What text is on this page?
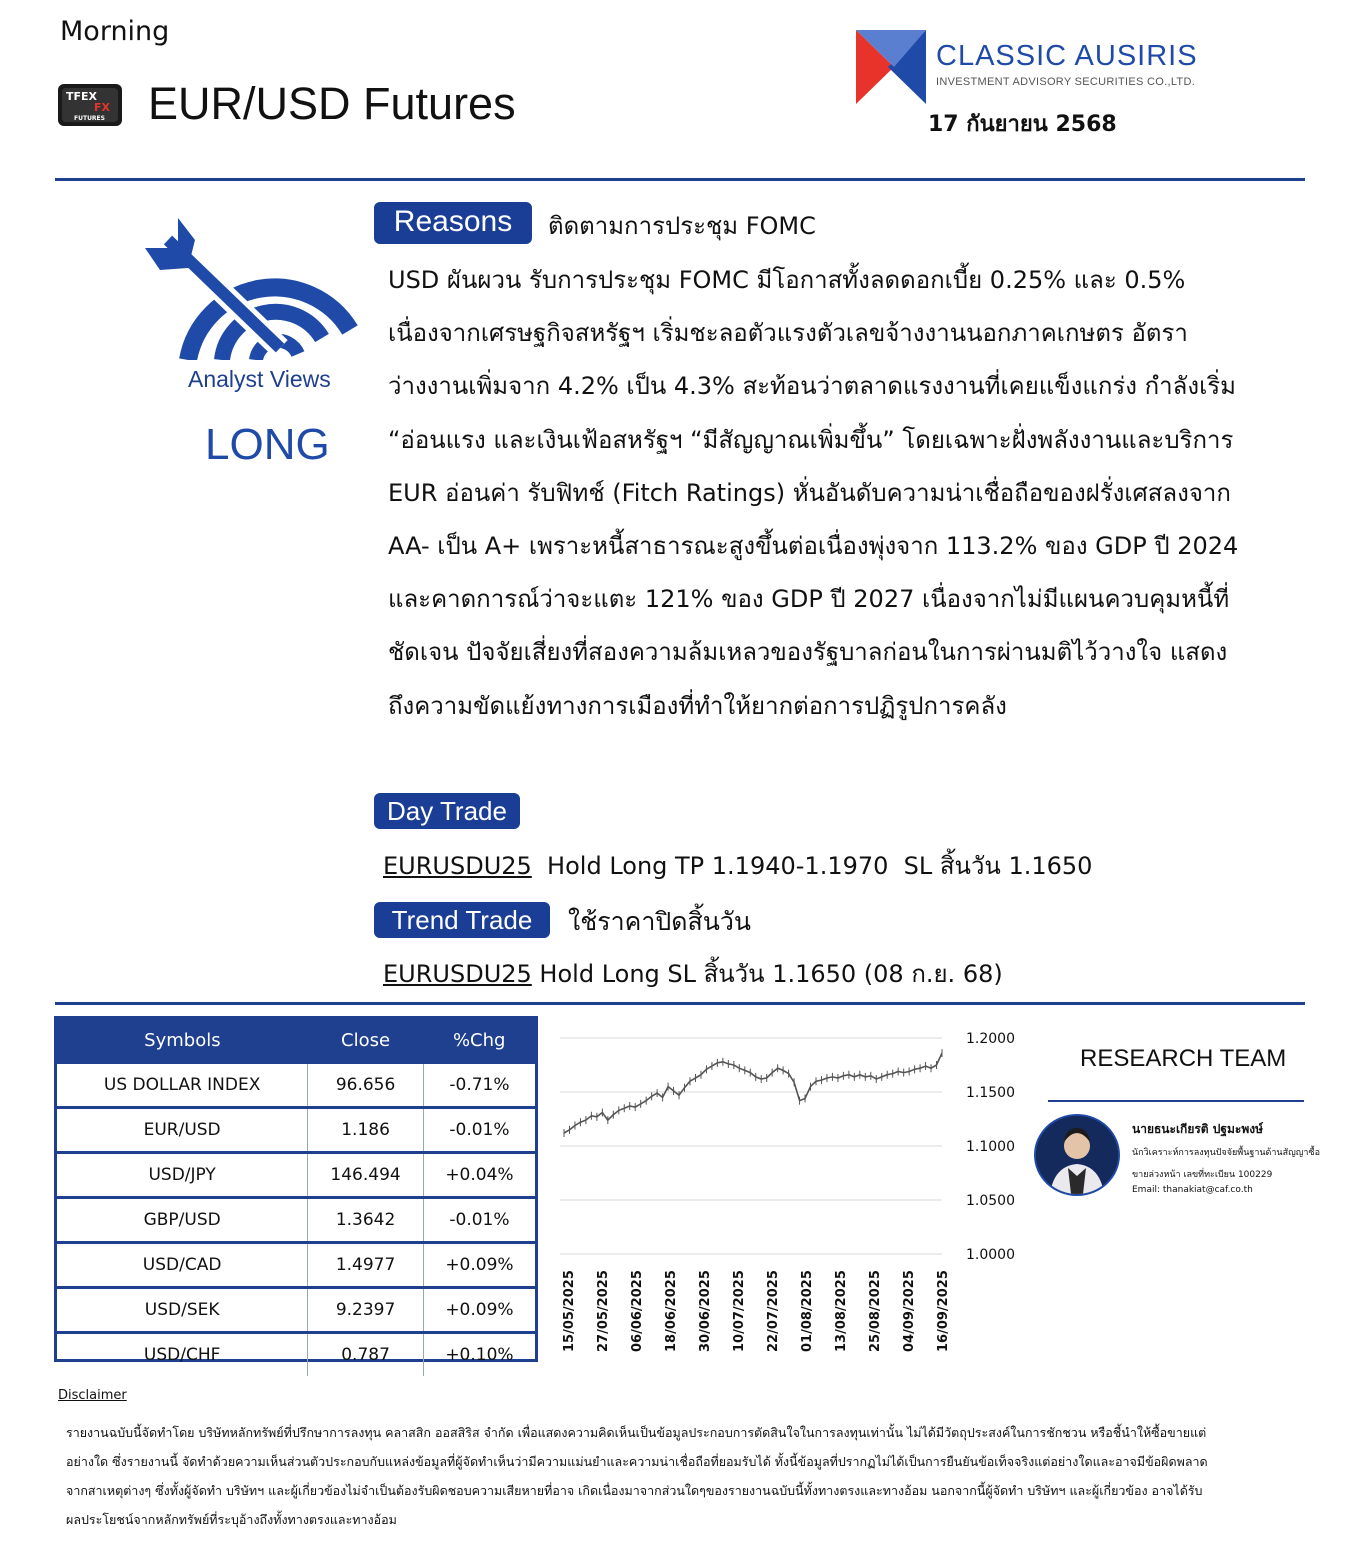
Morning
TFEX
FX
FUTURES EUR/USD Futures
CLASSIC AUSIRIS
INVESTMENT ADVISORY SECURITIES CO.,LTD.
17 กันยายน 2568
Analyst Views
LONG
Reasons	ติดตามการประชุม FOMC
USD ผันผวน รับการประชุม FOMC มีโอกาสทั้งลดดอกเบี้ย 0.25% และ 0.5%
เนื่องจากเศรษฐกิจสหรัฐฯ เริ่มชะลอตัวแรงตัวเลขจ้างงานนอกภาคเกษตร อัตรา
ว่างงานเพิ่มจาก 4.2% เป็น 4.3% สะท้อนว่าตลาดแรงงานที่เคยแข็งแกร่ง กำลังเริ่ม
“อ่อนแรง และเงินเฟ้อสหรัฐฯ “มีสัญญาณเพิ่มขึ้น” โดยเฉพาะฝั่งพลังงานและบริการ
EUR อ่อนค่า รับฟิทช์ (Fitch Ratings) หั่นอันดับความน่าเชื่อถือของฝรั่งเศสลงจาก
AA- เป็น A+ เพราะหนี้สาธารณะสูงขึ้นต่อเนื่องพุ่งจาก 113.2% ของ GDP ปี 2024
และคาดการณ์ว่าจะแตะ 121% ของ GDP ปี 2027 เนื่องจากไม่มีแผนควบคุมหนี้ที่
ชัดเจน ปัจจัยเสี่ยงที่สองความล้มเหลวของรัฐบาลก่อนในการผ่านมติไว้วางใจ แสดง
ถึงความขัดแย้งทางการเมืองที่ทำให้ยากต่อการปฏิรูปการคลัง
Day Trade
EURUSDU25  Hold Long TP 1.1940-1.1970  SL สิ้นวัน 1.1650
Trend Trade	ใช้ราคาปิดสิ้นวัน
EURUSDU25 Hold Long SL สิ้นวัน 1.1650 (08 ก.ย. 68)
Symbols	Close	%Chg
US DOLLAR INDEX	96.656	-0.71%
EUR/USD	1.186	-0.01%
USD/JPY	146.494	+0.04%
GBP/USD	1.3642	-0.01%
USD/CAD	1.4977	+0.09%
USD/SEK	9.2397	+0.09%
USD/CHF	0.787	+0.10%
1.2000
1.1500
1.1000
1.0500
1.0000
15/05/2025 27/05/2025 06/06/2025 18/06/2025 30/06/2025 10/07/2025 22/07/2025 01/08/2025 13/08/2025 25/08/2025 04/09/2025 16/09/2025
RESEARCH TEAM
นายธนะเกียรติ ปฐมะพงษ์
นักวิเคราะห์การลงทุนปัจจัยพื้นฐานด้านสัญญาซื้อ
ขายล่วงหน้า เลขที่ทะเบียน 100229
Email: thanakiat@caf.co.th
Disclaimer
รายงานฉบับนี้จัดทำโดย บริษัทหลักทรัพย์ที่ปรึกษาการลงทุน คลาสสิก ออสสิริส จำกัด เพื่อแสดงความคิดเห็นเป็นข้อมูลประกอบการตัดสินใจในการลงทุนเท่านั้น ไม่ได้มีวัตถุประสงค์ในการชักชวน หรือชี้นำให้ซื้อขายแต่
อย่างใด ซึ่งรายงานนี้ จัดทำด้วยความเห็นส่วนตัวประกอบกับแหล่งข้อมูลที่ผู้จัดทำเห็นว่ามีความแม่นยำและความน่าเชื่อถือที่ยอมรับได้ ทั้งนี้ข้อมูลที่ปรากฏไม่ได้เป็นการยืนยันข้อเท็จจริงแต่อย่างใดและอาจมีข้อผิดพลาด
จากสาเหตุต่างๆ ซึ่งทั้งผู้จัดทำ บริษัทฯ และผู้เกี่ยวข้องไม่จำเป็นต้องรับผิดชอบความเสียหายที่อาจ เกิดเนื่องมาจากส่วนใดๆของรายงานฉบับนี้ทั้งทางตรงและทางอ้อม นอกจากนี้ผู้จัดทำ บริษัทฯ และผู้เกี่ยวข้อง อาจได้รับ
ผลประโยชน์จากหลักทรัพย์ที่ระบุอ้างถึงทั้งทางตรงและทางอ้อม
